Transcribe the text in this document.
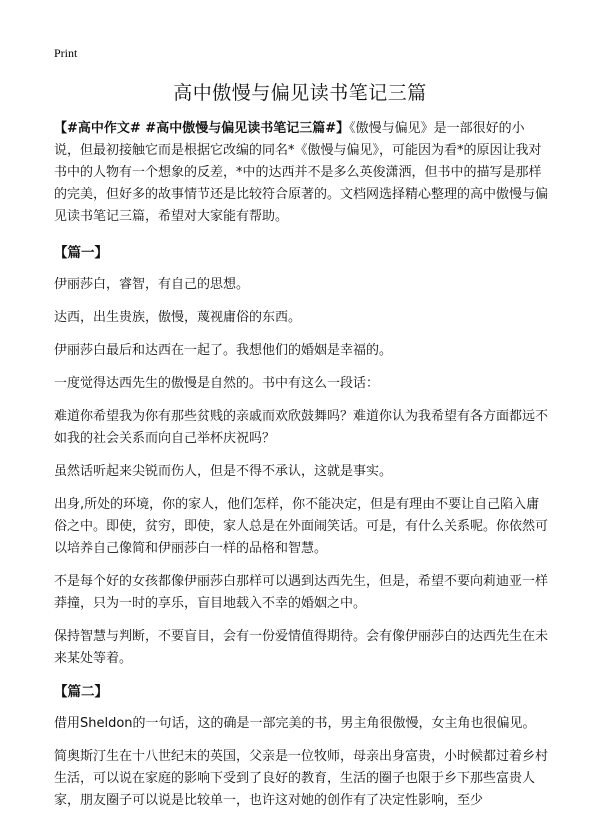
Print
高中傲慢与偏见读书笔记三篇

【#高中作文# #高中傲慢与偏见读书笔记三篇#】《傲慢与偏见》是一部很好的小说，但最初接触它而是根据它改编的同名*《傲慢与偏见》，可能因为看*的原因让我对书中的人物有一个想象的反差，*中的达西并不是多么英俊潇洒，但书中的描写是那样的完美，但好多的故事情节还是比较符合原著的。文档网选择精心整理的高中傲慢与偏见读书笔记三篇，希望对大家能有帮助。

【篇一】

伊丽莎白，睿智，有自己的思想。

达西，出生贵族，傲慢，蔑视庸俗的东西。

伊丽莎白最后和达西在一起了。我想他们的婚姻是幸福的。

一度觉得达西先生的傲慢是自然的。书中有这么一段话：

难道你希望我为你有那些贫贱的亲戚而欢欣鼓舞吗？难道你认为我希望有各方面都远不如我的社会关系而向自己举杯庆祝吗？

虽然话听起来尖锐而伤人，但是不得不承认，这就是事实。

出身,所处的环境，你的家人，他们怎样，你不能决定，但是有理由不要让自己陷入庸俗之中。即使，贫穷，即使，家人总是在外面闹笑话。可是，有什么关系呢。你依然可以培养自己像简和伊丽莎白一样的品格和智慧。

不是每个好的女孩都像伊丽莎白那样可以遇到达西先生，但是，希望不要向莉迪亚一样莽撞，只为一时的享乐，盲目地载入不幸的婚姻之中。

保持智慧与判断，不要盲目，会有一份爱情值得期待。会有像伊丽莎白的达西先生在未来某处等着。

【篇二】

借用Sheldon的一句话，这的确是一部完美的书，男主角很傲慢，女主角也很偏见。

简奥斯汀生在十八世纪末的英国，父亲是一位牧师，母亲出身富贵，小时候都过着乡村生活，可以说在家庭的影响下受到了良好的教育，生活的圈子也限于乡下那些富贵人家，朋友圈子可以说是比较单一，也许这对她的创作有了决定性影响，至少
